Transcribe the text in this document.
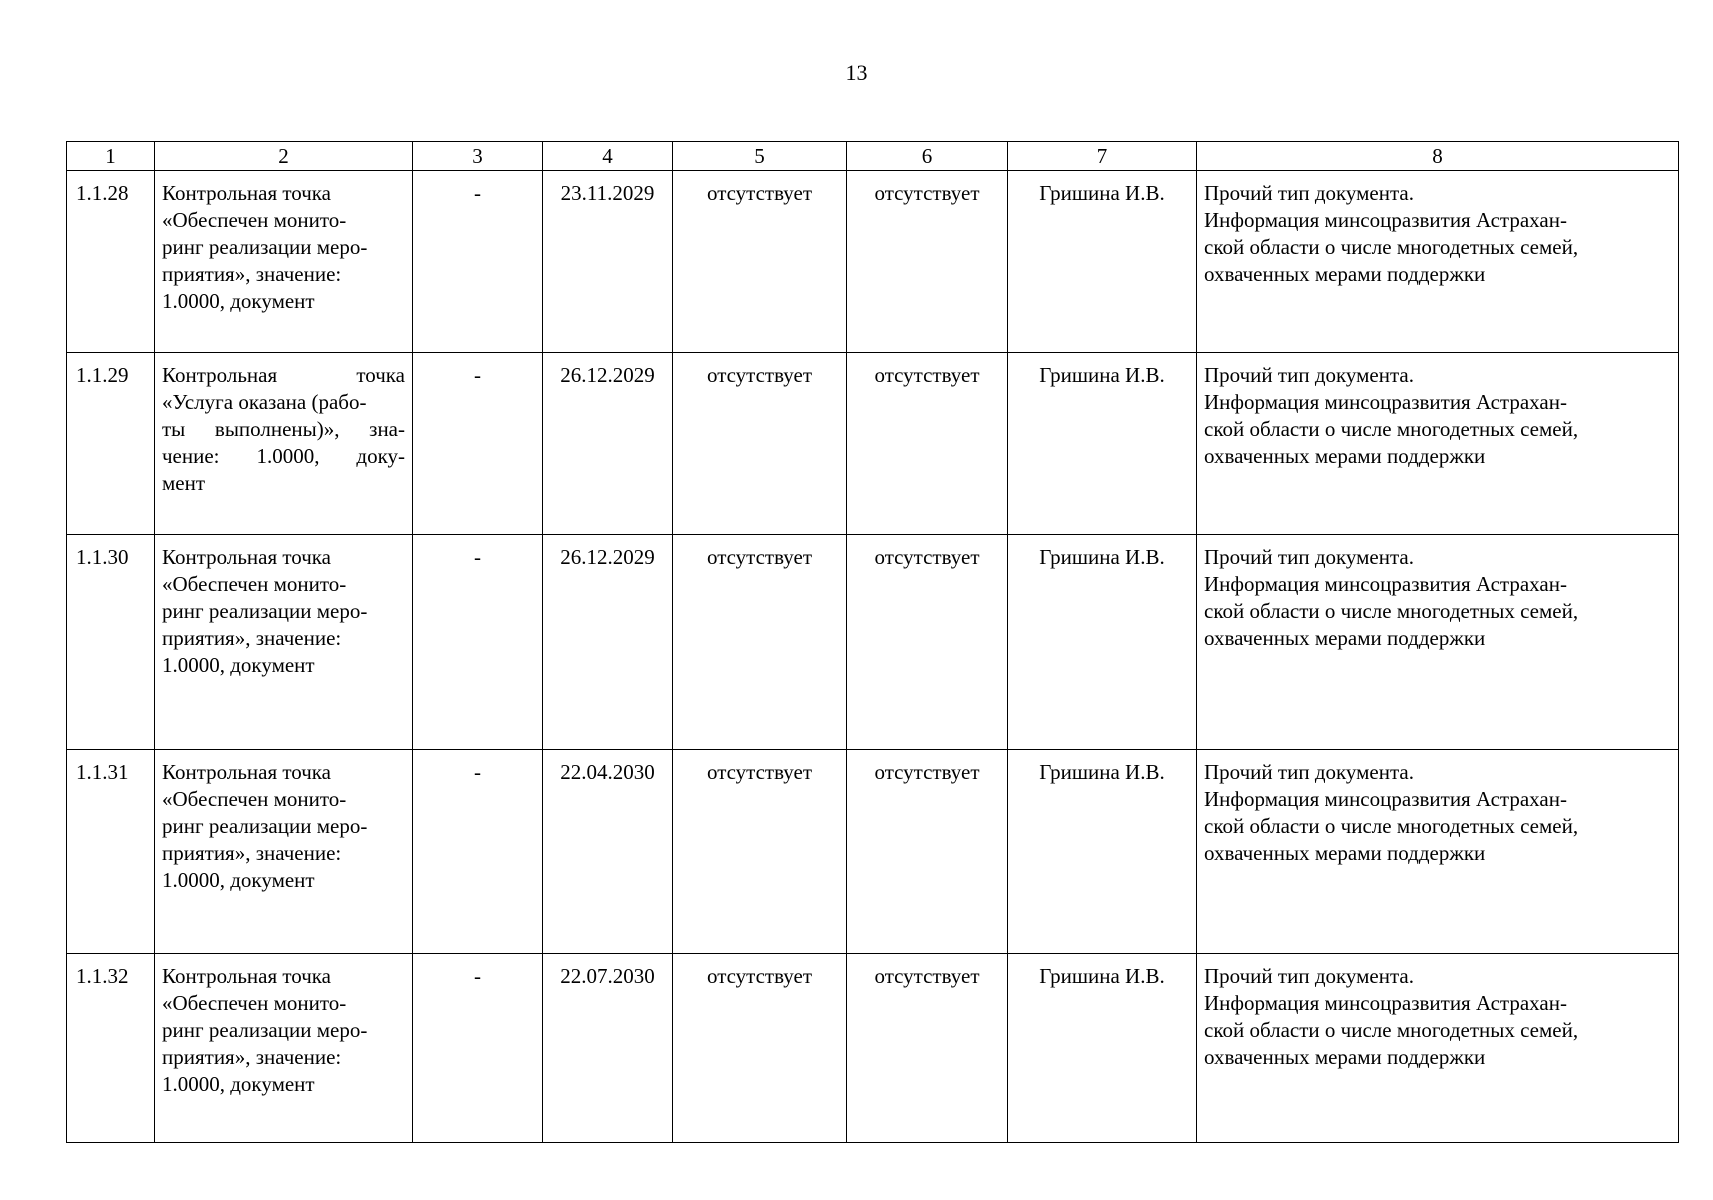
13
1	2	3	4	5	6	7	8
1.1.28	Контрольная точка
«Обеспечен монито-
ринг реализации меро-
приятия», значение:
1.0000, документ	-	23.11.2029	отсутствует	отсутствует	Гришина И.В.	Прочий тип документа.
Информация минсоцразвития Астрахан-
ской области о числе многодетных семей,
охваченных мерами поддержки

1.1.29	Контрольная точка
«Услуга оказана (рабо-
ты выполнены)», зна-
чение: 1.0000, доку-
мент	-	26.12.2029	отсутствует	отсутствует	Гришина И.В.	Прочий тип документа.
Информация минсоцразвития Астрахан-
ской области о числе многодетных семей,
охваченных мерами поддержки

1.1.30	Контрольная точка
«Обеспечен монито-
ринг реализации меро-
приятия», значение:
1.0000, документ	-	26.12.2029	отсутствует	отсутствует	Гришина И.В.	Прочий тип документа.
Информация минсоцразвития Астрахан-
ской области о числе многодетных семей,
охваченных мерами поддержки

1.1.31	Контрольная точка
«Обеспечен монито-
ринг реализации меро-
приятия», значение:
1.0000, документ	-	22.04.2030	отсутствует	отсутствует	Гришина И.В.	Прочий тип документа.
Информация минсоцразвития Астрахан-
ской области о числе многодетных семей,
охваченных мерами поддержки

1.1.32	Контрольная точка
«Обеспечен монито-
ринг реализации меро-
приятия», значение:
1.0000, документ	-	22.07.2030	отсутствует	отсутствует	Гришина И.В.	Прочий тип документа.
Информация минсоцразвития Астрахан-
ской области о числе многодетных семей,
охваченных мерами поддержки
